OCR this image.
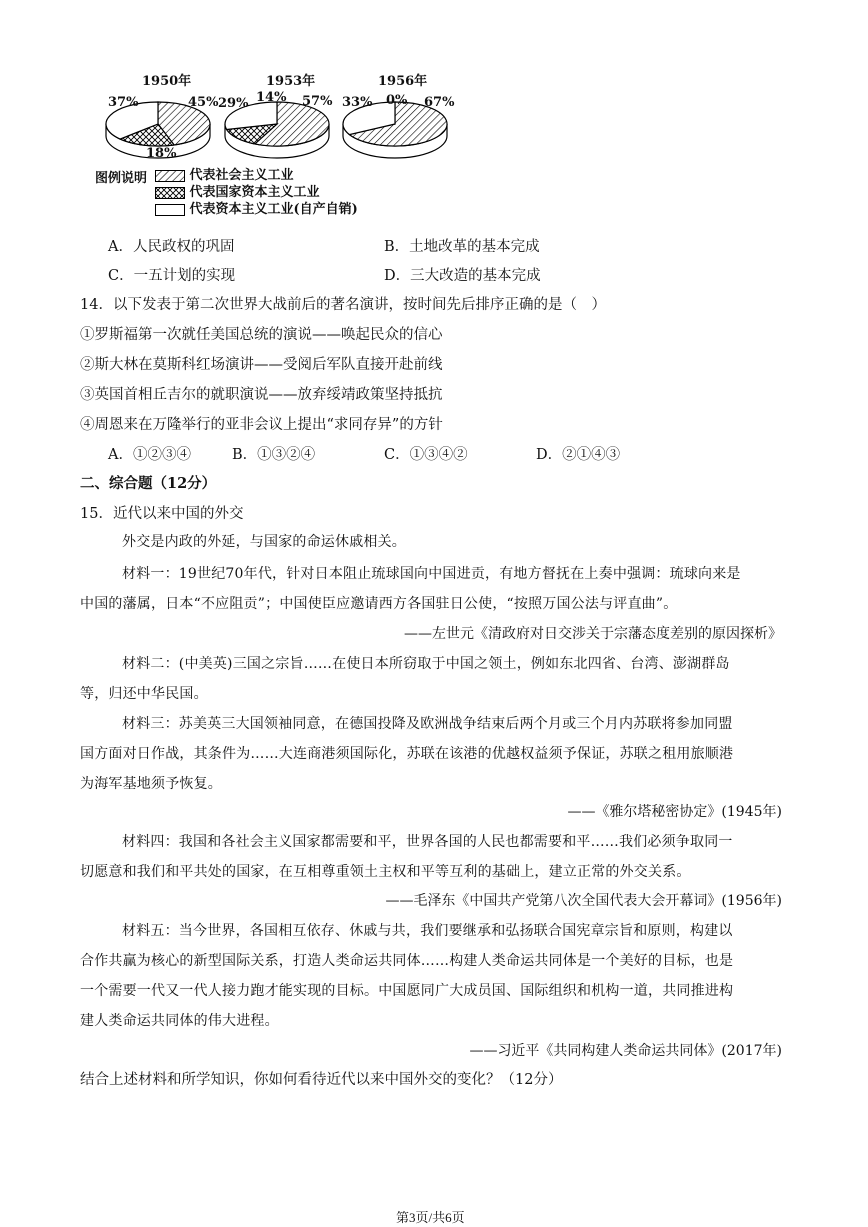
1950年	1953年	1956年
37%	45%
18%
29% 14% 57% 33% 0% 67%
图例说明	代表社会主义工业
代表国家资本主义工业
代表资本主义工业(自产自销)
A．人民政权的巩固	B．土地改革的基本完成
C．一五计划的实现	D．三大改造的基本完成
14．以下发表于第二次世界大战前后的著名演讲，按时间先后排序正确的是（　）
①罗斯福第一次就任美国总统的演说——唤起民众的信心
②斯大林在莫斯科红场演讲——受阅后军队直接开赴前线
③英国首相丘吉尔的就职演说——放弃绥靖政策坚持抵抗
④周恩来在万隆举行的亚非会议上提出“求同存异”的方针
A．①②③④	B．①③②④	C．①③④②	D．②①④③
二、综合题（12分）
15．近代以来中国的外交
外交是内政的外延，与国家的命运休戚相关。
材料一：19世纪70年代，针对日本阻止琉球国向中国进贡，有地方督抚在上奏中强调：琉球向来是
中国的藩属，日本“不应阻贡”；中国使臣应邀请西方各国驻日公使，“按照万国公法与评直曲”。
——左世元《清政府对日交涉关于宗藩态度差别的原因探析》
材料二：(中美英)三国之宗旨……在使日本所窃取于中国之领土，例如东北四省、台湾、澎湖群岛
等，归还中华民国。
材料三：苏美英三大国领袖同意，在德国投降及欧洲战争结束后两个月或三个月内苏联将参加同盟
国方面对日作战，其条件为……大连商港须国际化，苏联在该港的优越权益须予保证，苏联之租用旅顺港
为海军基地须予恢复。
——《雅尔塔秘密协定》(1945年)
材料四：我国和各社会主义国家都需要和平，世界各国的人民也都需要和平……我们必须争取同一
切愿意和我们和平共处的国家，在互相尊重领土主权和平等互利的基础上，建立正常的外交关系。
——毛泽东《中国共产党第八次全国代表大会开幕词》(1956年)
材料五：当今世界，各国相互依存、休戚与共，我们要继承和弘扬联合国宪章宗旨和原则，构建以
合作共赢为核心的新型国际关系，打造人类命运共同体……构建人类命运共同体是一个美好的目标，也是
一个需要一代又一代人接力跑才能实现的目标。中国愿同广大成员国、国际组织和机构一道，共同推进构
建人类命运共同体的伟大进程。
——习近平《共同构建人类命运共同体》(2017年)
结合上述材料和所学知识，你如何看待近代以来中国外交的变化？（12分）
第3页/共6页
